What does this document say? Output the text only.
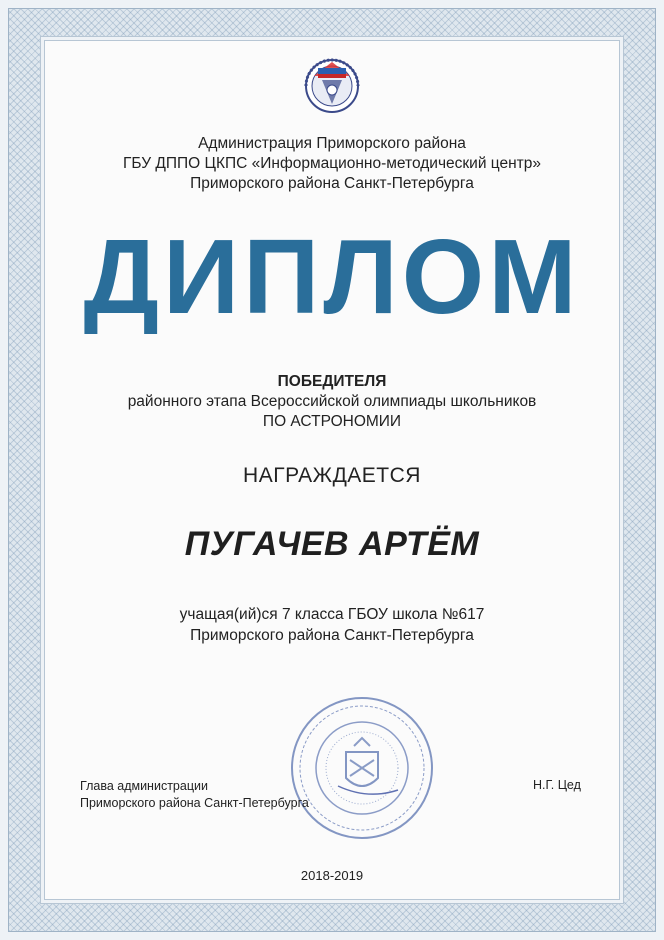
Администрация Приморского района
ГБУ ДППО ЦКПС «Информационно-методический центр»
Приморского района Санкт-Петербурга
ДИПЛОМ
ПОБЕДИТЕЛЯ
районного этапа Всероссийской олимпиады школьников
ПО АСТРОНОМИИ
НАГРАЖДАЕТСЯ
ПУГАЧЕВ АРТЁМ
учащая(ий)ся 7 класса ГБОУ школа №617
Приморского района Санкт-Петербурга
Глава администрации
Приморского района Санкт-Петербурга
Н.Г. Цед
2018-2019
